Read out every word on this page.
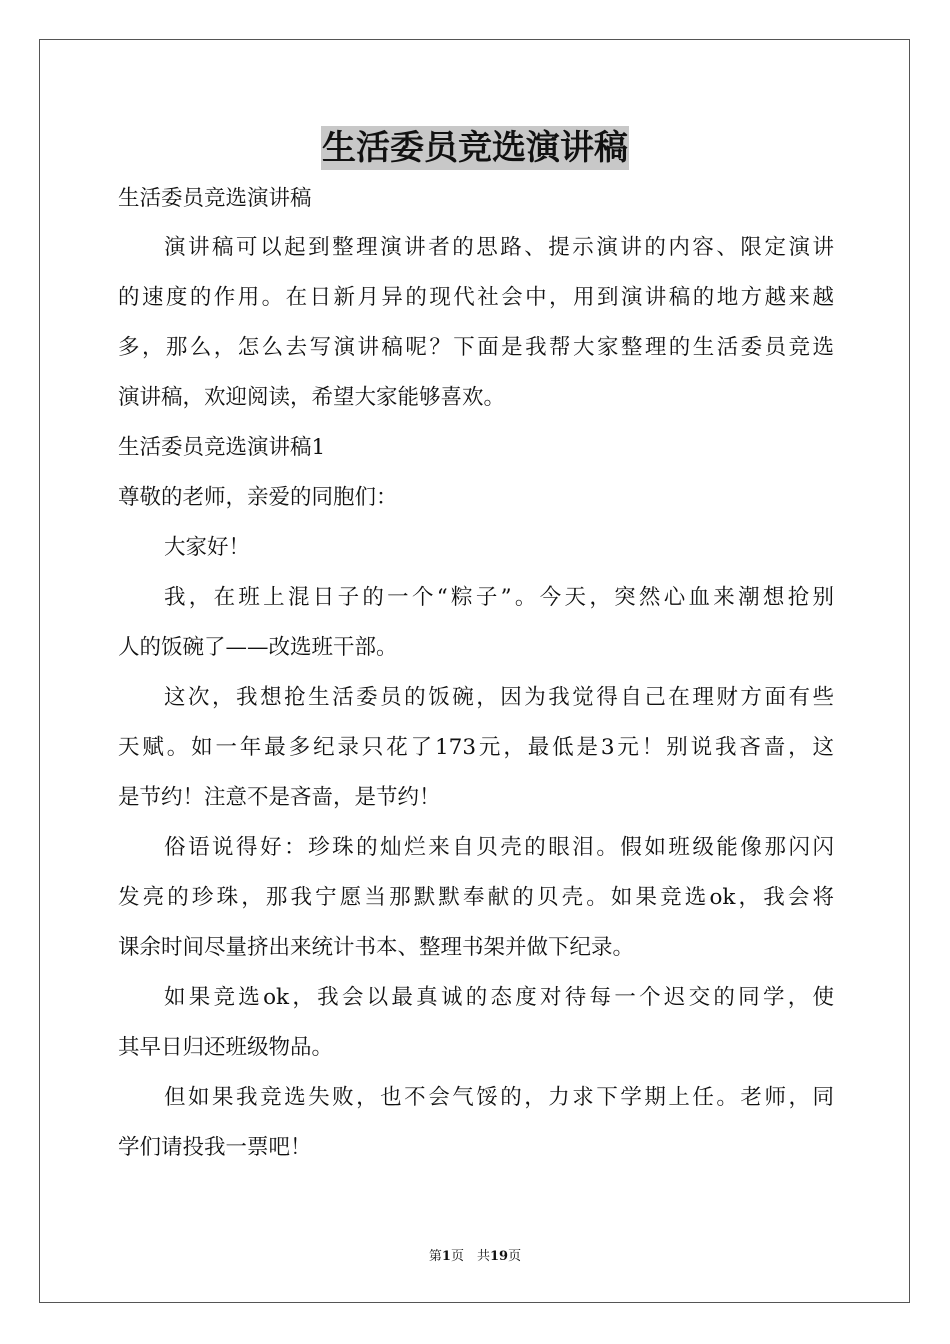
生活委员竞选演讲稿
生活委员竞选演讲稿
演讲稿可以起到整理演讲者的思路、提示演讲的内容、限定演讲
的速度的作用。在日新月异的现代社会中，用到演讲稿的地方越来越
多，那么，怎么去写演讲稿呢？下面是我帮大家整理的生活委员竞选
演讲稿，欢迎阅读，希望大家能够喜欢。
生活委员竞选演讲稿1
尊敬的老师，亲爱的同胞们：
大家好！
我，在班上混日子的一个“粽子”。今天，突然心血来潮想抢别
人的饭碗了——改选班干部。
这次，我想抢生活委员的饭碗，因为我觉得自己在理财方面有些
天赋。如一年最多纪录只花了173元，最低是3元！别说我吝啬，这
是节约！注意不是吝啬，是节约！
俗语说得好：珍珠的灿烂来自贝壳的眼泪。假如班级能像那闪闪
发亮的珍珠，那我宁愿当那默默奉献的贝壳。如果竞选ok，我会将
课余时间尽量挤出来统计书本、整理书架并做下纪录。
如果竞选ok，我会以最真诚的态度对待每一个迟交的同学，使
其早日归还班级物品。
但如果我竞选失败，也不会气馁的，力求下学期上任。老师，同
学们请投我一票吧！
第1页　共19页
